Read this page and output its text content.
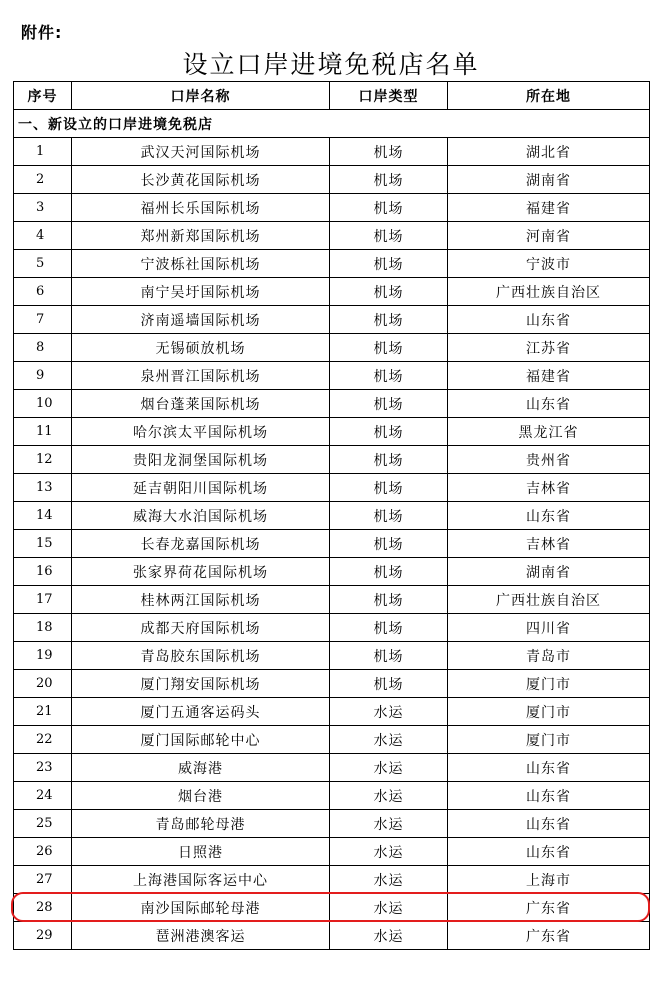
附件:
设立口岸进境免税店名单
序号	口岸名称	口岸类型	所在地
一、新设立的口岸进境免税店			
1	武汉天河国际机场	机场	湖北省
2	长沙黄花国际机场	机场	湖南省
3	福州长乐国际机场	机场	福建省
4	郑州新郑国际机场	机场	河南省
5	宁波栎社国际机场	机场	宁波市
6	南宁吴圩国际机场	机场	广西壮族自治区
7	济南遥墙国际机场	机场	山东省
8	无锡硕放机场	机场	江苏省
9	泉州晋江国际机场	机场	福建省
10	烟台蓬莱国际机场	机场	山东省
11	哈尔滨太平国际机场	机场	黑龙江省
12	贵阳龙洞堡国际机场	机场	贵州省
13	延吉朝阳川国际机场	机场	吉林省
14	威海大水泊国际机场	机场	山东省
15	长春龙嘉国际机场	机场	吉林省
16	张家界荷花国际机场	机场	湖南省
17	桂林两江国际机场	机场	广西壮族自治区
18	成都天府国际机场	机场	四川省
19	青岛胶东国际机场	机场	青岛市
20	厦门翔安国际机场	机场	厦门市
21	厦门五通客运码头	水运	厦门市
22	厦门国际邮轮中心	水运	厦门市
23	威海港	水运	山东省
24	烟台港	水运	山东省
25	青岛邮轮母港	水运	山东省
26	日照港	水运	山东省
27	上海港国际客运中心	水运	上海市
28	南沙国际邮轮母港	水运	广东省
29	琶洲港澳客运	水运	广东省
